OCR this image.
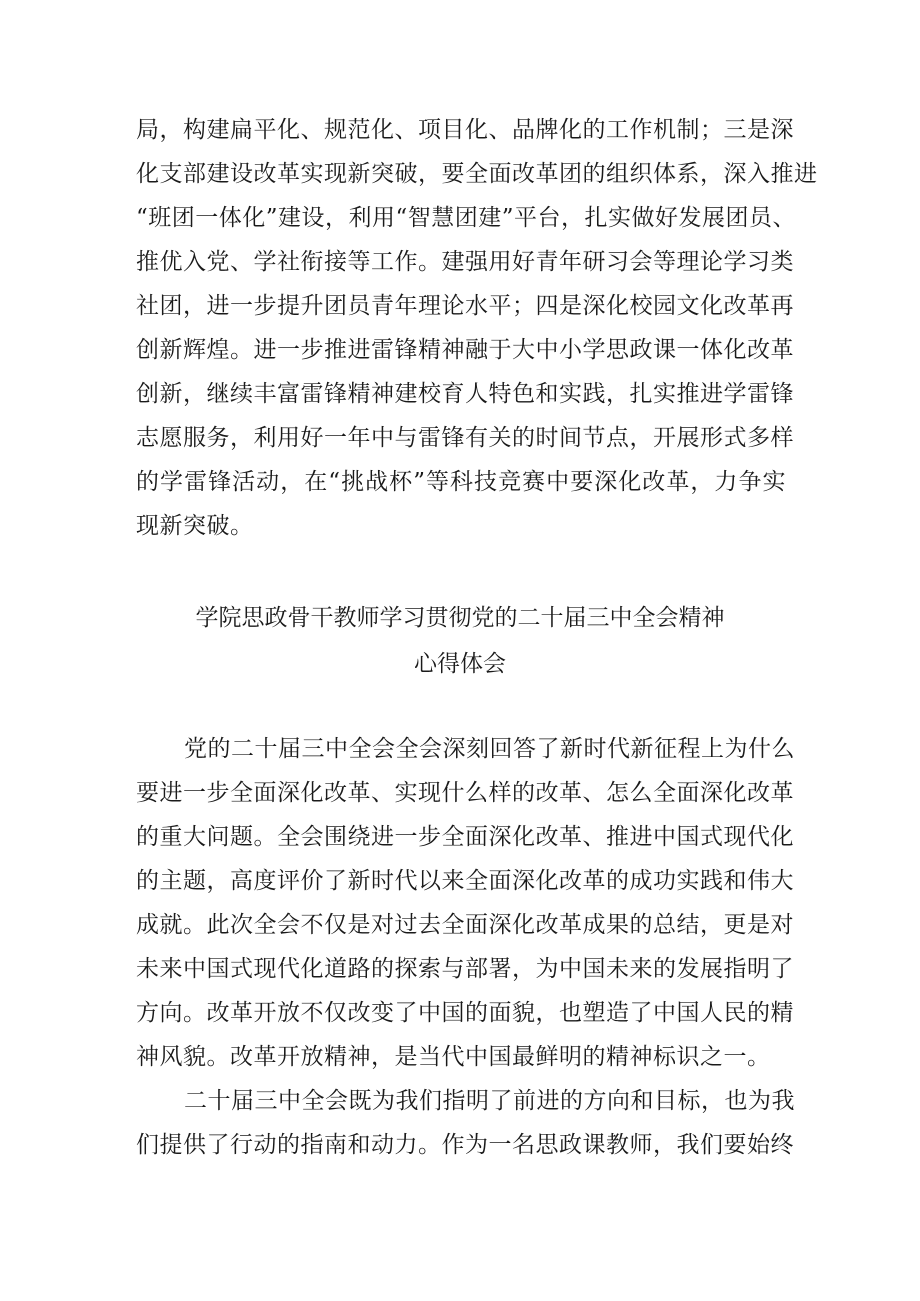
局，构建扁平化、规范化、项目化、品牌化的工作机制；三是深
化支部建设改革实现新突破，要全面改革团的组织体系，深入推进
“班团一体化”建设，利用“智慧团建”平台，扎实做好发展团员、
推优入党、学社衔接等工作。建强用好青年研习会等理论学习类
社团，进一步提升团员青年理论水平；四是深化校园文化改革再
创新辉煌。进一步推进雷锋精神融于大中小学思政课一体化改革
创新，继续丰富雷锋精神建校育人特色和实践，扎实推进学雷锋
志愿服务，利用好一年中与雷锋有关的时间节点，开展形式多样
的学雷锋活动，在“挑战杯”等科技竞赛中要深化改革，力争实
现新突破。
学院思政骨干教师学习贯彻党的二十届三中全会精神
心得体会
党的二十届三中全会全会深刻回答了新时代新征程上为什么
要进一步全面深化改革、实现什么样的改革、怎么全面深化改革
的重大问题。全会围绕进一步全面深化改革、推进中国式现代化
的主题，高度评价了新时代以来全面深化改革的成功实践和伟大
成就。此次全会不仅是对过去全面深化改革成果的总结，更是对
未来中国式现代化道路的探索与部署，为中国未来的发展指明了
方向。改革开放不仅改变了中国的面貌，也塑造了中国人民的精
神风貌。改革开放精神，是当代中国最鲜明的精神标识之一。
二十届三中全会既为我们指明了前进的方向和目标，也为我
们提供了行动的指南和动力。作为一名思政课教师，我们要始终
